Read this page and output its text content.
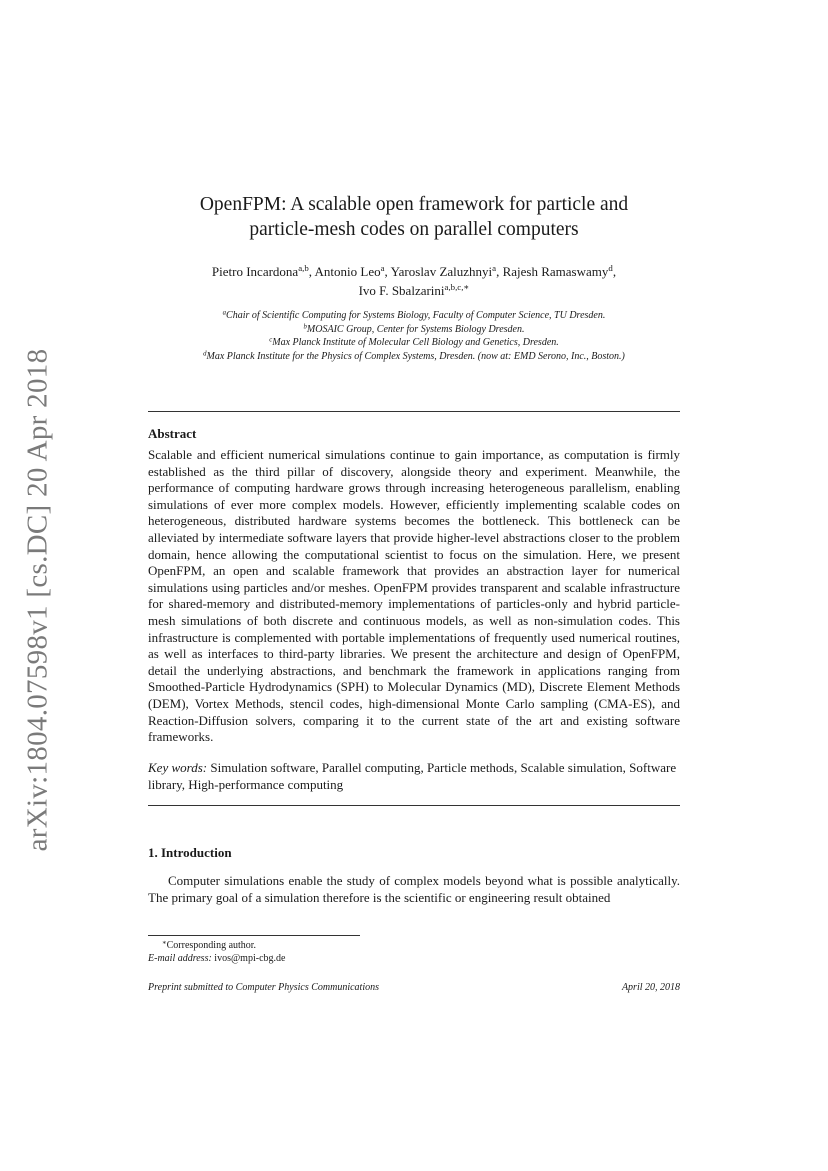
arXiv:1804.07598v1 [cs.DC] 20 Apr 2018
OpenFPM: A scalable open framework for particle and
particle-mesh codes on parallel computers
Pietro Incardona$^{a,b}$, Antonio Leo$^a$, Yaroslav Zaluzhnyi$^a$, Rajesh Ramaswamy$^d$,
Ivo F. Sbalzarini$^{a,b,c,∗}$
$^a$Chair of Scientific Computing for Systems Biology, Faculty of Computer Science, TU Dresden.
$^b$MOSAIC Group, Center for Systems Biology Dresden.
$^c$Max Planck Institute of Molecular Cell Biology and Genetics, Dresden.
$^d$Max Planck Institute for the Physics of Complex Systems, Dresden. (now at: EMD Serono, Inc., Boston.)
Abstract
Scalable and efficient numerical simulations continue to gain importance, as computation is firmly established as the third pillar of discovery, alongside theory and experiment. Meanwhile, the performance of computing hardware grows through increasing heterogeneous parallelism, enabling simulations of ever more complex models. However, efficiently implementing scalable codes on heterogeneous, distributed hardware systems becomes the bottleneck. This bottleneck can be alleviated by intermediate software layers that provide higher-level abstractions closer to the problem domain, hence allowing the computational scientist to focus on the simulation. Here, we present OpenFPM, an open and scalable framework that provides an abstraction layer for numerical simulations using particles and/or meshes. OpenFPM provides transparent and scalable infrastructure for shared-memory and distributed-memory implementations of particles-only and hybrid particle-mesh simulations of both discrete and continuous models, as well as non-simulation codes. This infrastructure is complemented with portable implementations of frequently used numerical routines, as well as interfaces to third-party libraries. We present the architecture and design of OpenFPM, detail the underlying abstractions, and benchmark the framework in applications ranging from Smoothed-Particle Hydrodynamics (SPH) to Molecular Dynamics (MD), Discrete Element Methods (DEM), Vortex Methods, stencil codes, high-dimensional Monte Carlo sampling (CMA-ES), and Reaction-Diffusion solvers, comparing it to the current state of the art and existing software frameworks.
Key words: Simulation software, Parallel computing, Particle methods, Scalable simulation, Software library, High-performance computing
1. Introduction
Computer simulations enable the study of complex models beyond what is possible analytically. The primary goal of a simulation therefore is the scientific or engineering result obtained
∗Corresponding author.
E-mail address: ivos@mpi-cbg.de
Preprint submitted to Computer Physics Communications	April 20, 2018
